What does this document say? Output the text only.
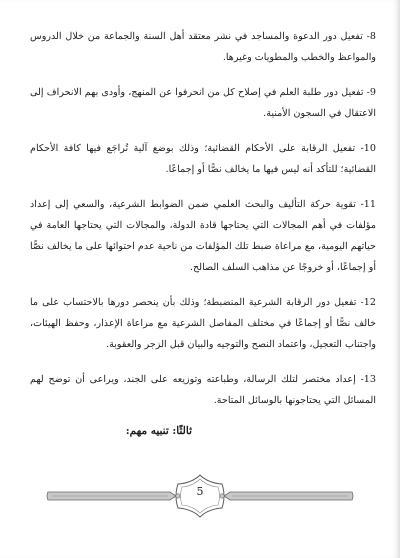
8- تفعيل دور الدعوة والمساجد في نشر معتقد أهل السنة والجماعة من خلال الدروس والمواعظ والخطب والمطويات وغيرها.

9- تفعيل دور طلبة العلم في إصلاح كل من انحرفوا عن المنهج، وأودى بهم الانحراف إلى الاعتقال في السجون الأمنية.

10- تفعيل الرقابة على الأحكام القضائية؛ وذلك بوضع آلية تُراجَع فيها كافة الأحكام القضائية؛ للتأكد أنه ليس فيها ما يخالف نصًّا أو إجماعًا.

11- تقوية حركة التأليف والبحث العلمي ضمن الضوابط الشرعية، والسعي إلى إعداد مؤلفات في أهم المجالات التي يحتاجها قادة الدولة، والمجالات التي يحتاجها العامة في حياتهم اليومية، مع مراعاة ضبط تلك المؤلفات من ناحية عدم احتوائها على ما يخالف نصًّا أو إجماعًا، أو خروجًا عن مذاهب السلف الصالح.

12- تفعيل دور الرقابة الشرعية المنضبطة؛ وذلك بأن ينحصر دورها بالاحتساب على ما خالف نصًّا أو إجماعًا في مختلف المفاصل الشرعية مع مراعاة الإعذار، وحفظ الهيئات، واجتناب التعجيل، واعتماد النصح والتوجيه والبيان قبل الزجر والعقوبة.

13- إعداد مختصر لتلك الرسالة، وطباعته وتوزيعه على الجند، ويراعى أن توضح لهم المسائل التي يحتاجونها بالوسائل المتاحة.

ثالثًا: تنبيه مهم:
5
